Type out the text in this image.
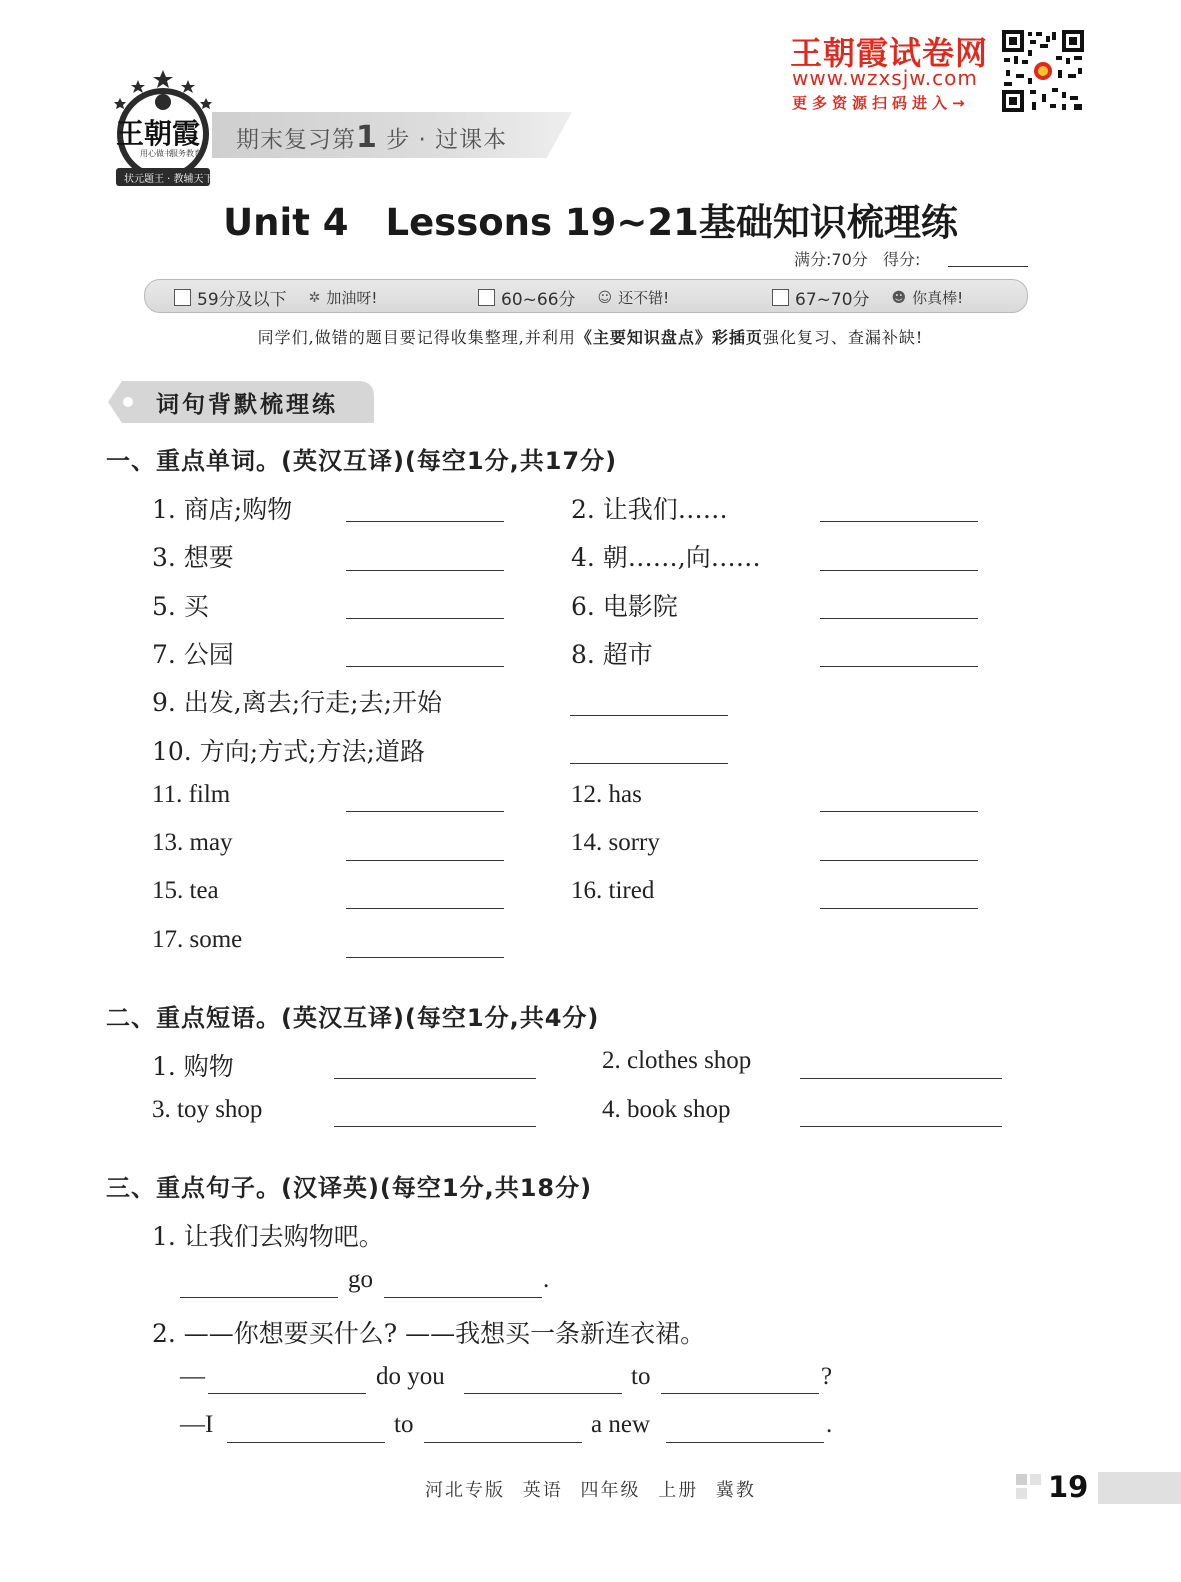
王朝霞
用心做书
服务教育
状元题王 · 教辅天下
期末复习第1 步 · 过课本
王朝霞试卷网
www.wzxsjw.com
更多资源扫码进入→
Unit 4　Lessons 19~21基础知识梳理练
满分:70分 得分:
59分及以下 ✲ 加油呀!	60~66分 ☺ 还不错!	67~70分 ☻ 你真棒!
同学们,做错的题目要记得收集整理,并利用《主要知识盘点》彩插页强化复习、查漏补缺!
词句背默梳理练
一、重点单词。(英汉互译)(每空1分,共17分)
1. 商店;购物	2. 让我们……
3. 想要	4. 朝……,向……
5. 买	6. 电影院
7. 公园	8. 超市
9. 出发,离去;行走;去;开始
10. 方向;方式;方法;道路
11. film	12. has
13. may	14. sorry
15. tea	16. tired
17. some
二、重点短语。(英汉互译)(每空1分,共4分)
1. 购物	2. clothes shop
3. toy shop	4. book shop
三、重点句子。(汉译英)(每空1分,共18分)
1. 让我们去购物吧。
go	.
2. ——你想要买什么? ——我想买一条新连衣裙。
—	do you	to	?
—I	to	a new	.
河北专版 英语 四年级 上册 冀教	19
